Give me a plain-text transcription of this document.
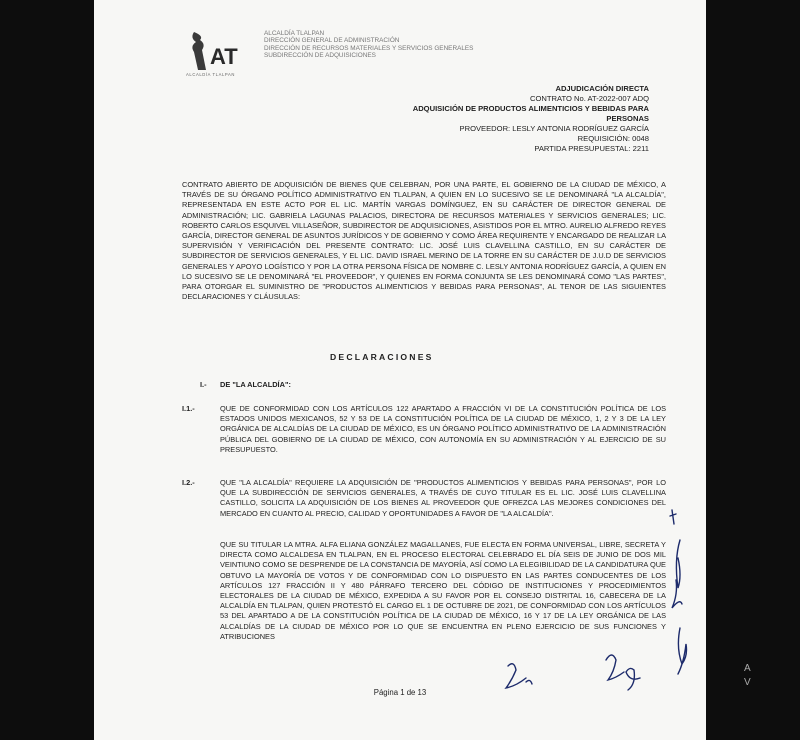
AT
ALCALDÍA TLALPAN
ALCALDÍA TLALPAN
DIRECCIÓN GENERAL DE ADMINISTRACIÓN
DIRECCIÓN DE RECURSOS MATERIALES Y SERVICIOS GENERALES
SUBDIRECCIÓN DE ADQUISICIONES
ADJUDICACIÓN DIRECTA
CONTRATO No. AT-2022-007 ADQ
ADQUISICIÓN DE PRODUCTOS ALIMENTICIOS Y BEBIDAS PARA PERSONAS
PROVEEDOR: LESLY ANTONIA RODRÍGUEZ GARCÍA
REQUISICIÓN: 0048
PARTIDA PRESUPUESTAL: 2211
CONTRATO ABIERTO DE ADQUISICIÓN DE BIENES QUE CELEBRAN, POR UNA PARTE, EL GOBIERNO DE LA CIUDAD DE MÉXICO, A TRAVÉS DE SU ÓRGANO POLÍTICO ADMINISTRATIVO EN TLALPAN, A QUIEN EN LO SUCESIVO SE LE DENOMINARÁ "LA ALCALDÍA", REPRESENTADA EN ESTE ACTO POR EL LIC. MARTÍN VARGAS DOMÍNGUEZ, EN SU CARÁCTER DE DIRECTOR GENERAL DE ADMINISTRACIÓN; LIC. GABRIELA LAGUNAS PALACIOS, DIRECTORA DE RECURSOS MATERIALES Y SERVICIOS GENERALES; LIC. ROBERTO CARLOS ESQUIVEL VILLASEÑOR, SUBDIRECTOR DE ADQUISICIONES, ASISTIDOS POR EL MTRO. AURELIO ALFREDO REYES GARCÍA, DIRECTOR GENERAL DE ASUNTOS JURÍDICOS Y DE GOBIERNO Y COMO ÁREA REQUIRENTE Y ENCARGADO DE REALIZAR LA SUPERVISIÓN Y VERIFICACIÓN DEL PRESENTE CONTRATO: LIC. JOSÉ LUIS CLAVELLINA CASTILLO, EN SU CARÁCTER DE SUBDIRECTOR DE SERVICIOS GENERALES, Y EL LIC. DAVID ISRAEL MERINO DE LA TORRE EN SU CARÁCTER DE J.U.D DE SERVICIOS GENERALES Y APOYO LOGÍSTICO Y POR LA OTRA PERSONA FÍSICA DE NOMBRE C. LESLY ANTONIA RODRÍGUEZ GARCÍA, A QUIEN EN LO SUCESIVO SE LE DENOMINARÁ "EL PROVEEDOR", Y QUIENES EN FORMA CONJUNTA SE LES DENOMINARÁ COMO "LAS PARTES", PARA OTORGAR EL SUMINISTRO DE "PRODUCTOS ALIMENTICIOS Y BEBIDAS PARA PERSONAS", AL TENOR DE LAS SIGUIENTES DECLARACIONES Y CLÁUSULAS:
DECLARACIONES
I.- DE "LA ALCALDÍA":
I.1.-	QUE DE CONFORMIDAD CON LOS ARTÍCULOS 122 APARTADO A FRACCIÓN VI DE LA CONSTITUCIÓN POLÍTICA DE LOS ESTADOS UNIDOS MEXICANOS, 52 Y 53 DE LA CONSTITUCIÓN POLÍTICA DE LA CIUDAD DE MÉXICO, 1, 2 Y 3 DE LA LEY ORGÁNICA DE ALCALDÍAS DE LA CIUDAD DE MÉXICO, ES UN ÓRGANO POLÍTICO ADMINISTRATIVO DE LA ADMINISTRACIÓN PÚBLICA DEL GOBIERNO DE LA CIUDAD DE MÉXICO, CON AUTONOMÍA EN SU ADMINISTRACIÓN Y AL EJERCICIO DE SU PRESUPUESTO.
I.2.-	QUE "LA ALCALDÍA" REQUIERE LA ADQUISICIÓN DE "PRODUCTOS ALIMENTICIOS Y BEBIDAS PARA PERSONAS", POR LO QUE LA SUBDIRECCIÓN DE SERVICIOS GENERALES, A TRAVÉS DE CUYO TITULAR ES EL LIC. JOSÉ LUIS CLAVELLINA CASTILLO, SOLICITA LA ADQUISICIÓN DE LOS BIENES AL PROVEEDOR QUE OFREZCA LAS MEJORES CONDICIONES DEL MERCADO EN CUANTO AL PRECIO, CALIDAD Y OPORTUNIDADES A FAVOR DE "LA ALCALDÍA".
QUE SU TITULAR LA MTRA. ALFA ELIANA GONZÁLEZ MAGALLANES, FUE ELECTA EN FORMA UNIVERSAL, LIBRE, SECRETA Y DIRECTA COMO ALCALDESA EN TLALPAN, EN EL PROCESO ELECTORAL CELEBRADO EL DÍA SEIS DE JUNIO DE DOS MIL VEINTIUNO COMO SE DESPRENDE DE LA CONSTANCIA DE MAYORÍA, ASÍ COMO LA ELEGIBILIDAD DE LA CANDIDATURA QUE OBTUVO LA MAYORÍA DE VOTOS Y DE CONFORMIDAD CON LO DISPUESTO EN LAS PARTES CONDUCENTES DE LOS ARTÍCULOS 127 FRACCIÓN II Y 480 PÁRRAFO TERCERO DEL CÓDIGO DE INSTITUCIONES Y PROCEDIMIENTOS ELECTORALES DE LA CIUDAD DE MÉXICO, EXPEDIDA A SU FAVOR POR EL CONSEJO DISTRITAL 16, CABECERA DE LA ALCALDÍA EN TLALPAN, QUIEN PROTESTÓ EL CARGO EL 1 DE OCTUBRE DE 2021, DE CONFORMIDAD CON LOS ARTÍCULOS 53 DEL APARTADO A DE LA CONSTITUCIÓN POLÍTICA DE LA CIUDAD DE MÉXICO, 16 Y 17 DE LA LEY ORGÁNICA DE LAS ALCALDÍAS DE LA CIUDAD DE MÉXICO POR LO QUE SE ENCUENTRA EN PLENO EJERCICIO DE SUS FUNCIONES Y ATRIBUCIONES
Página 1 de 13
A
V
